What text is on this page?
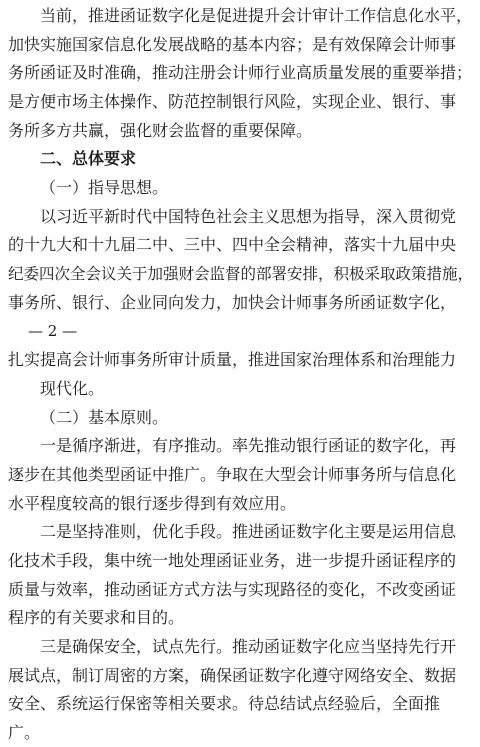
当前，推进函证数字化是促进提升会计审计工作信息化水平，
加快实施国家信息化发展战略的基本内容；是有效保障会计师事
务所函证及时准确，推动注册会计师行业高质量发展的重要举措；
是方便市场主体操作、防范控制银行风险，实现企业、银行、事
务所多方共赢，强化财会监督的重要保障。
二、总体要求
（一）指导思想。
以习近平新时代中国特色社会主义思想为指导，深入贯彻党
的十九大和十九届二中、三中、四中全会精神，落实十九届中央
纪委四次全会议关于加强财会监督的部署安排，积极采取政策措施，
事务所、银行、企业同向发力，加快会计师事务所函证数字化，
— 2 —
扎实提高会计师事务所审计质量，推进国家治理体系和治理能力
现代化。
（二）基本原则。
一是循序渐进，有序推动。率先推动银行函证的数字化，再
逐步在其他类型函证中推广。争取在大型会计师事务所与信息化
水平程度较高的银行逐步得到有效应用。
二是坚持准则，优化手段。推进函证数字化主要是运用信息
化技术手段，集中统一地处理函证业务，进一步提升函证程序的
质量与效率，推动函证方式方法与实现路径的变化，不改变函证
程序的有关要求和目的。
三是确保安全，试点先行。推动函证数字化应当坚持先行开
展试点，制订周密的方案，确保函证数字化遵守网络安全、数据
安全、系统运行保密等相关要求。待总结试点经验后，全面推
广。
